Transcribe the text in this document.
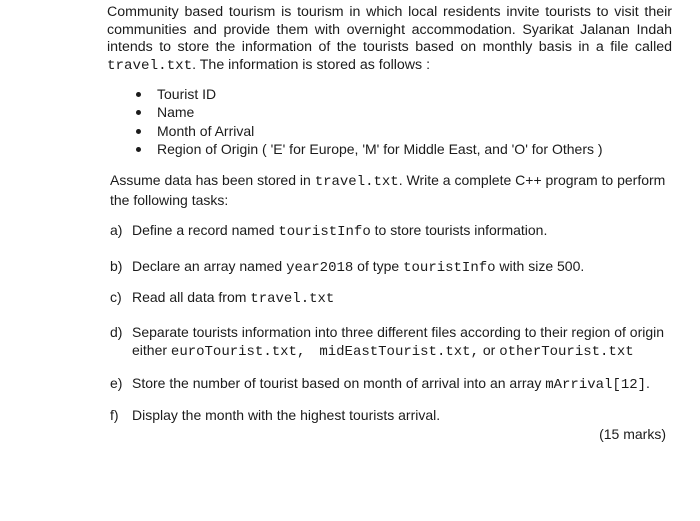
Community based tourism is tourism in which local residents invite tourists to visit their communities and provide them with overnight accommodation. Syarikat Jalanan Indah intends to store the information of the tourists based on monthly basis in a file called travel.txt. The information is stored as follows :
Tourist ID
Name
Month of Arrival
Region of Origin ( 'E' for Europe, 'M' for Middle East, and 'O' for Others )
Assume data has been stored in travel.txt. Write a complete C++ program to perform the following tasks:
a) Define a record named touristInfo to store tourists information.
b) Declare an array named year2018 of type touristInfo with size 500.
c) Read all data from travel.txt
d) Separate tourists information into three different files according to their region of origin
either euroTourist.txt, midEastTourist.txt, or otherTourist.txt
e) Store the number of tourist based on month of arrival into an array mArrival[12].
f) Display the month with the highest tourists arrival.
(15 marks)
